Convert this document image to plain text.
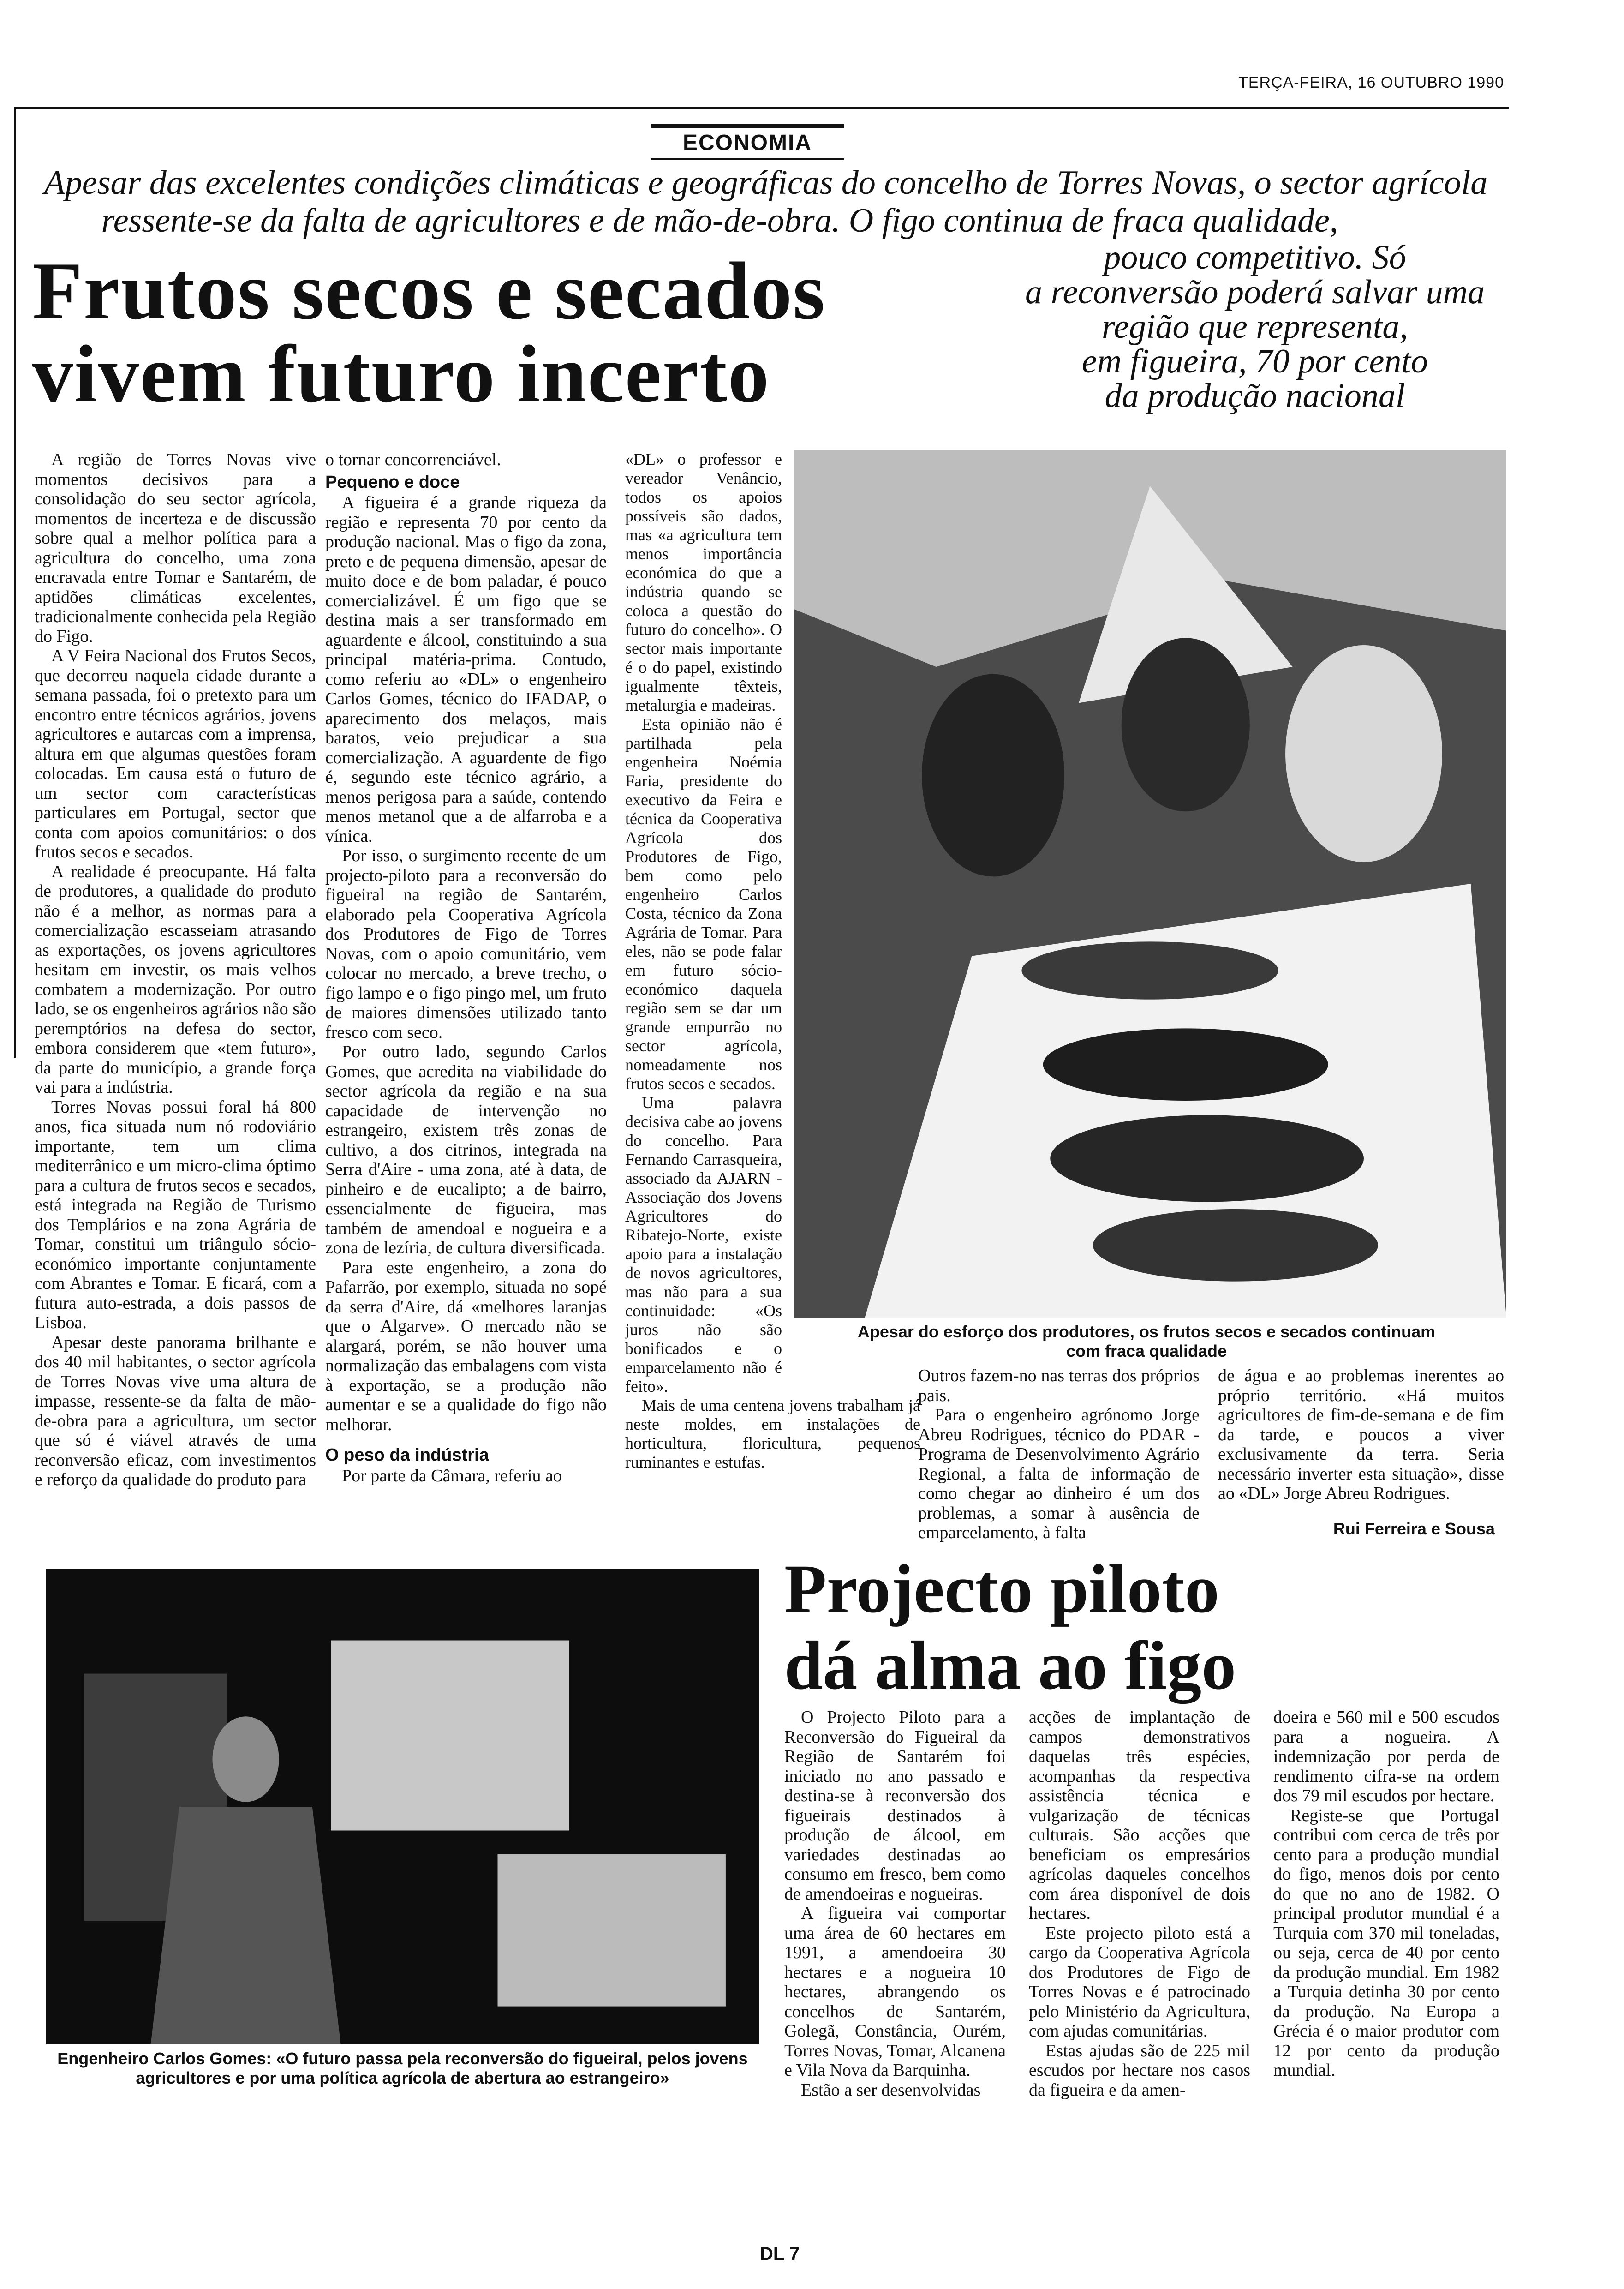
TERÇA-FEIRA, 16 OUTUBRO 1990
ECONOMIA
Apesar das excelentes condições climáticas e geográficas do concelho de Torres Novas, o sector agrícola
ressente-se da falta de agricultores e de mão-de-obra. O figo continua de fraca qualidade,
pouco competitivo. Só
a reconversão poderá salvar uma
região que representa,
em figueira, 70 por cento
da produção nacional
Frutos secos e secados
vivem futuro incerto

A região de Torres Novas vive momentos decisivos para a consolidação do seu sector agrícola, momentos de incerteza e de discussão sobre qual a melhor política para a agricultura do concelho, uma zona encravada entre Tomar e Santarém, de aptidões climáticas excelentes, tradicionalmente conhecida pela Região do Figo.

A V Feira Nacional dos Frutos Secos, que decorreu naquela cidade durante a semana passada, foi o pretexto para um encontro entre técnicos agrários, jovens agricultores e autarcas com a imprensa, altura em que algumas questões foram colocadas. Em causa está o futuro de um sector com características particulares em Portugal, sector que conta com apoios comunitários: o dos frutos secos e secados.

A realidade é preocupante. Há falta de produtores, a qualidade do produto não é a melhor, as normas para a comercialização escasseiam atrasando as exportações, os jovens agricultores hesitam em investir, os mais velhos combatem a modernização. Por outro lado, se os engenheiros agrários não são peremptórios na defesa do sector, embora considerem que «tem futuro», da parte do município, a grande força vai para a indústria.

Torres Novas possui foral há 800 anos, fica situada num nó rodoviário importante, tem um clima mediterrânico e um micro-clima óptimo para a cultura de frutos secos e secados, está integrada na Região de Turismo dos Templários e na zona Agrária de Tomar, constitui um triângulo sócio-económico importante conjuntamente com Abrantes e Tomar. E ficará, com a futura auto-estrada, a dois passos de Lisboa.

Apesar deste panorama brilhante e dos 40 mil habitantes, o sector agrícola de Torres Novas vive uma altura de impasse, ressente-se da falta de mão-de-obra para a agricultura, um sector que só é viável através de uma reconversão eficaz, com investimentos e reforço da qualidade do produto para

o tornar concorrenciável.

Pequeno e doce

A figueira é a grande riqueza da região e representa 70 por cento da produção nacional. Mas o figo da zona, preto e de pequena dimensão, apesar de muito doce e de bom paladar, é pouco comercializável. É um figo que se destina mais a ser transformado em aguardente e álcool, constituindo a sua principal matéria-prima. Contudo, como referiu ao «DL» o engenheiro Carlos Gomes, técnico do IFADAP, o aparecimento dos melaços, mais baratos, veio prejudicar a sua comercialização. A aguardente de figo é, segundo este técnico agrário, a menos perigosa para a saúde, contendo menos metanol que a de alfarroba e a vínica.

Por isso, o surgimento recente de um projecto-piloto para a reconversão do figueiral na região de Santarém, elaborado pela Cooperativa Agrícola dos Produtores de Figo de Torres Novas, com o apoio comunitário, vem colocar no mercado, a breve trecho, o figo lampo e o figo pingo mel, um fruto de maiores dimensões utilizado tanto fresco com seco.

Por outro lado, segundo Carlos Gomes, que acredita na viabilidade do sector agrícola da região e na sua capacidade de intervenção no estrangeiro, existem três zonas de cultivo, a dos citrinos, integrada na Serra d'Aire - uma zona, até à data, de pinheiro e de eucalipto; a de bairro, essencialmente de figueira, mas também de amendoal e nogueira e a zona de lezíria, de cultura diversificada.

Para este engenheiro, a zona do Pafarrão, por exemplo, situada no sopé da serra d'Aire, dá «melhores laranjas que o Algarve». O mercado não se alargará, porém, se não houver uma normalização das embalagens com vista à exportação, se a produção não aumentar e se a qualidade do figo não melhorar.

O peso da indústria

Por parte da Câmara, referiu ao

«DL» o professor e vereador Venâncio, todos os apoios possíveis são dados, mas «a agricultura tem menos importância económica do que a indústria quando se coloca a questão do futuro do concelho». O sector mais importante é o do papel, existindo igualmente têxteis, metalurgia e madeiras.

Esta opinião não é partilhada pela engenheira Noémia Faria, presidente do executivo da Feira e técnica da Cooperativa Agrícola dos Produtores de Figo, bem como pelo engenheiro Carlos Costa, técnico da Zona Agrária de Tomar. Para eles, não se pode falar em futuro sócio-económico daquela região sem se dar um grande empurrão no sector agrícola, nomeadamente nos frutos secos e secados.

Uma palavra decisiva cabe ao jovens do concelho. Para Fernando Carrasqueira, associado da AJARN - Associação dos Jovens Agricultores do Ribatejo-Norte, existe apoio para a instalação de novos agricultores, mas não para a sua continuidade: «Os juros não são bonificados e o emparcelamento não é feito».

Mais de uma centena jovens trabalham já neste moldes, em instalações de horticultura, floricultura, pequenos ruminantes e estufas.

Apesar do esforço dos produtores, os frutos secos e secados continuam com fraca qualidade

Outros fazem-no nas terras dos próprios pais.

Para o engenheiro agrónomo Jorge Abreu Rodrigues, técnico do PDAR - Programa de Desenvolvimento Agrário Regional, a falta de informação de como chegar ao dinheiro é um dos problemas, a somar à ausência de emparcelamento, à falta

de água e ao problemas inerentes ao próprio território. «Há muitos agricultores de fim-de-semana e de fim da tarde, e poucos a viver exclusivamente da terra. Seria necessário inverter esta situação», disse ao «DL» Jorge Abreu Rodrigues.

Rui Ferreira e Sousa
Engenheiro Carlos Gomes: «O futuro passa pela reconversão do figueiral, pelos jovens agricultores e por uma política agrícola de abertura ao estrangeiro»
Projecto piloto
dá alma ao figo

O Projecto Piloto para a Reconversão do Figueiral da Região de Santarém foi iniciado no ano passado e destina-se à reconversão dos figueirais destinados à produção de álcool, em variedades destinadas ao consumo em fresco, bem como de amendoeiras e nogueiras.

A figueira vai comportar uma área de 60 hectares em 1991, a amendoeira 30 hectares e a nogueira 10 hectares, abrangendo os concelhos de Santarém, Golegã, Constância, Ourém, Torres Novas, Tomar, Alcanena e Vila Nova da Barquinha.

Estão a ser desenvolvidas

acções de implantação de campos demonstrativos daquelas três espécies, acompanhas da respectiva assistência técnica e vulgarização de técnicas culturais. São acções que beneficiam os empresários agrícolas daqueles concelhos com área disponível de dois hectares.

Este projecto piloto está a cargo da Cooperativa Agrícola dos Produtores de Figo de Torres Novas e é patrocinado pelo Ministério da Agricultura, com ajudas comunitárias.

Estas ajudas são de 225 mil escudos por hectare nos casos da figueira e da amen-

doeira e 560 mil e 500 escudos para a nogueira. A indemnização por perda de rendimento cifra-se na ordem dos 79 mil escudos por hectare.

Registe-se que Portugal contribui com cerca de três por cento para a produção mundial do figo, menos dois por cento do que no ano de 1982. O principal produtor mundial é a Turquia com 370 mil toneladas, ou seja, cerca de 40 por cento da produção mundial. Em 1982 a Turquia detinha 30 por cento da produção. Na Europa a Grécia é o maior produtor com 12 por cento da produção mundial.

DL 7
